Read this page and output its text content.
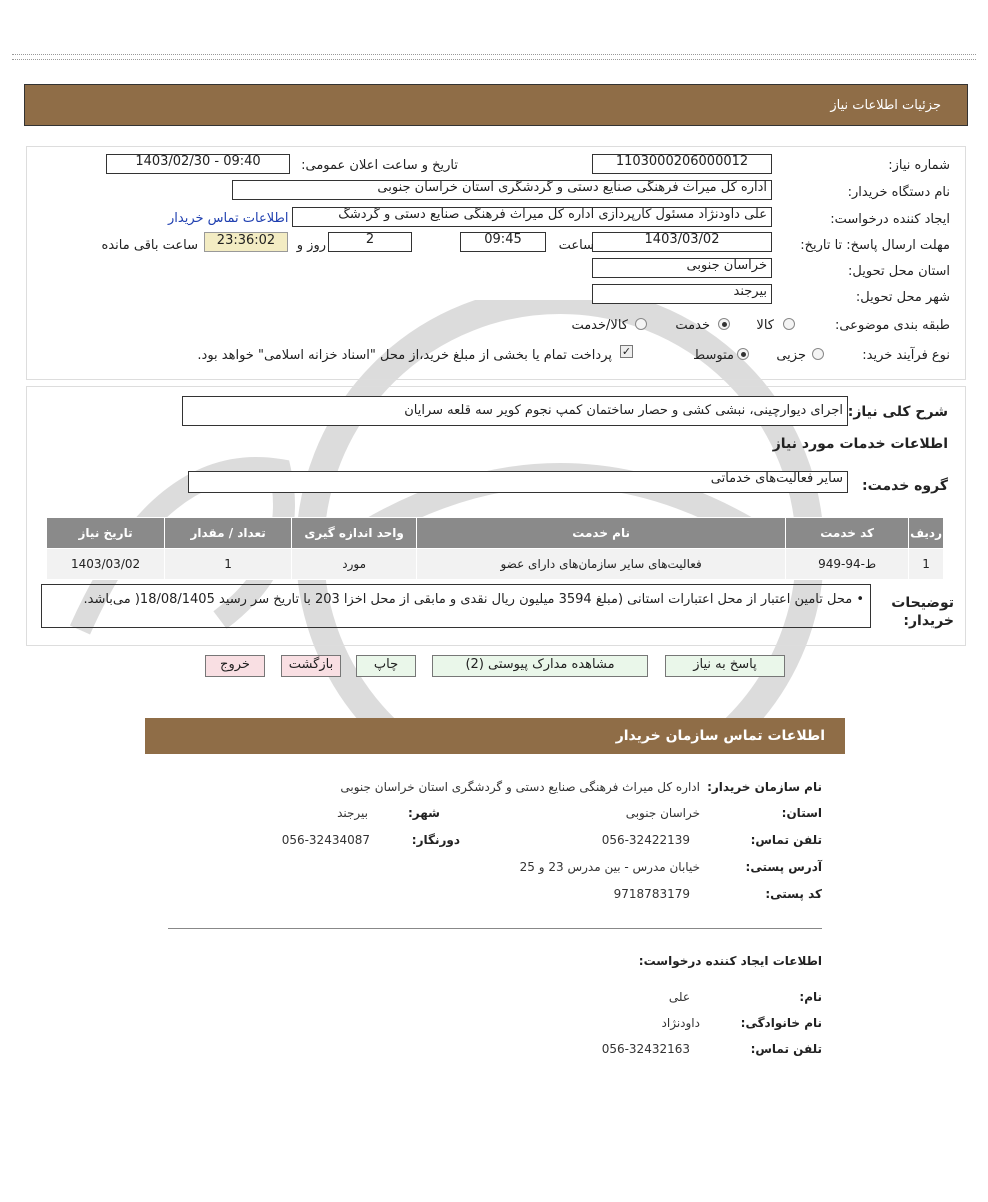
جزئیات اطلاعات نیاز
شماره نیاز:
1103000206000012
تاریخ و ساعت اعلان عمومی:
1403/02/30 - 09:40
نام دستگاه خریدار:
اداره کل میراث فرهنگی صنایع دستی و گردشگری استان خراسان جنوبی
ایجاد کننده درخواست:
علی داودنژاد مسئول کارپردازی اداره کل میراث فرهنگی صنایع دستی و گردشگ
اطلاعات تماس خریدار
مهلت ارسال پاسخ: تا تاریخ:
1403/03/02
ساعت
09:45
2
روز و
23:36:02
ساعت باقی مانده
استان محل تحویل:
خراسان جنوبی
شهر محل تحویل:
بیرجند
طبقه بندی موضوعی:
کالا
خدمت
کالا/خدمت
نوع فرآیند خرید:
جزیی
متوسط
✓
پرداخت تمام یا بخشی از مبلغ خرید،از محل "اسناد خزانه اسلامی" خواهد بود.
شرح کلی نیاز:
اجرای دیوارچینی، نبشی کشی و حصار ساختمان کمپ نجوم کویر سه قلعه سرایان
اطلاعات خدمات مورد نیاز
گروه خدمت:
سایر فعالیت‌های خدماتی
ردیف	کد خدمت	نام خدمت	واحد اندازه گیری	تعداد / مقدار	تاریخ نیاز
1	ط-94-949	فعالیت‌های سایر سازمان‌های دارای عضو	مورد	1	1403/03/02
توضیحات خریدار:
• محل تامین اعتبار از محل اعتبارات استانی (مبلغ 3594 میلیون ریال نقدی و مابقی از محل اخزا 203 با تاریخ سر رسید 18/08/1405( می‌باشد.
پاسخ به نیاز
مشاهده مدارک پیوستی (2)
چاپ
بازگشت
خروج
اطلاعات تماس سازمان خریدار
نام سازمان خریدار:
اداره کل میراث فرهنگی صنایع دستی و گردشگری استان خراسان جنوبی
استان:
خراسان جنوبی
شهر:
بیرجند
تلفن تماس:
056-32422139
دورنگار:
056-32434087
آدرس پستی:
خیابان مدرس - بین مدرس 23 و 25
کد پستی:
9718783179
اطلاعات ایجاد کننده درخواست:
نام:
علی
نام خانوادگی:
داودنژاد
تلفن تماس:
056-32432163
